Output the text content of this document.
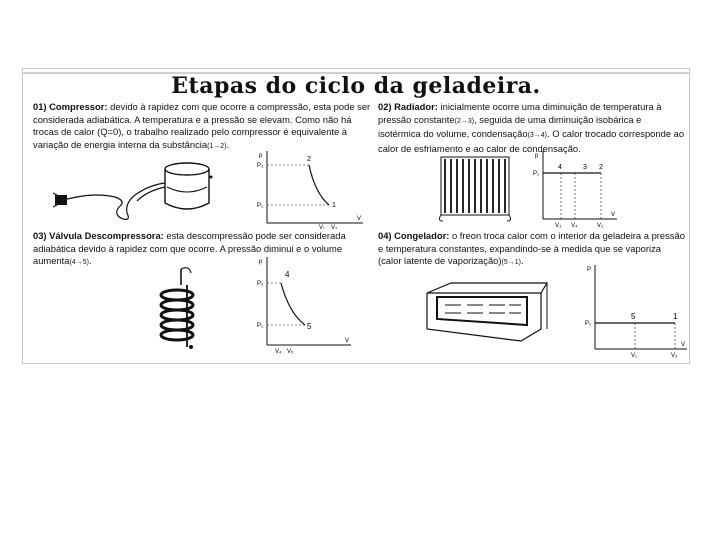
Etapas do ciclo da geladeira.
01) Compressor: devido à rapidez com que ocorre a compressão, esta pode ser considerada adiabática. A temperatura e a pressão se elevam. Como não há trocas de calor (Q=0), o trabalho realizado pelo compressor é equivalente à variação de energia interna da substância(1→2).
02) Radiador: inicialmente ocorre uma diminuição de temperatura à pressão constante(2→3), seguida de uma diminuição isobárica e isotérmica do volume, condensação(3→4). O calor trocado corresponde ao calor de esfriamento e ao calor de condensação.
03) Válvula Descompressora: esta descompressão pode ser considerada adiabática devido à rapidez com que ocorre. A pressão diminui e o volume aumenta(4→5).
04) Congelador: o freon troca calor com o interior da geladeira a pressão e temperatura constantes, expandindo-se à medida que se vaporiza (calor latente de vaporização)(5→1).
p
V
P₂
P₁
2
1
V₁ V₂
p
V
P₁
4	3 2
V₃ V₄	V₂
p
V
P₂
P₁
4
5
V₄ V₅
P
V
P₁
5	1
V₁	V₂
